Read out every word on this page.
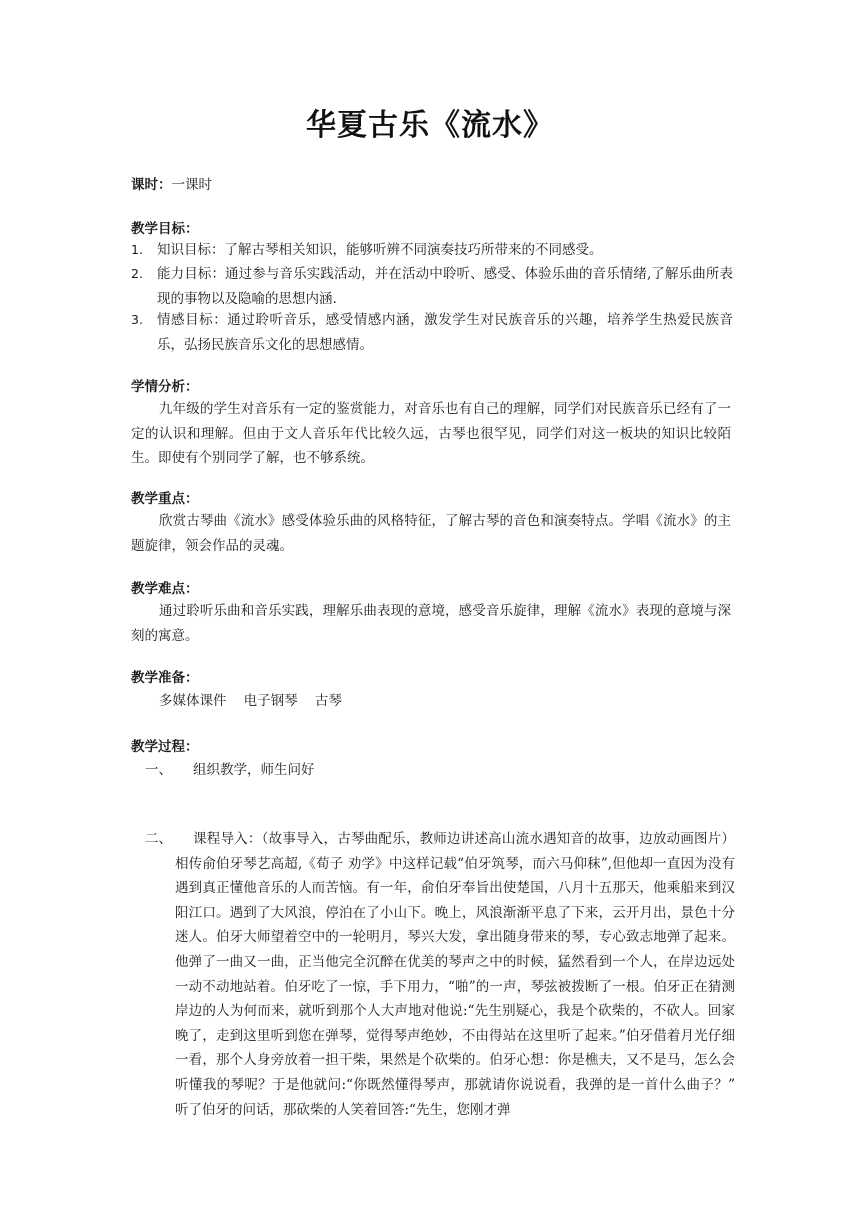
华夏古乐《流水》
课时：一课时
教学目标：
1. 知识目标：了解古琴相关知识，能够听辨不同演奏技巧所带来的不同感受。
2. 能力目标：通过参与音乐实践活动，并在活动中聆听、感受、体验乐曲的音乐情绪,了解乐曲所表现的事物以及隐喻的思想内涵.
3. 情感目标：通过聆听音乐，感受情感内涵，激发学生对民族音乐的兴趣，培养学生热爱民族音乐，弘扬民族音乐文化的思想感情。
学情分析：
九年级的学生对音乐有一定的鉴赏能力，对音乐也有自己的理解，同学们对民族音乐已经有了一定的认识和理解。但由于文人音乐年代比较久远，古琴也很罕见，同学们对这一板块的知识比较陌生。即使有个别同学了解，也不够系统。
教学重点：
欣赏古琴曲《流水》感受体验乐曲的风格特征，了解古琴的音色和演奏特点。学唱《流水》的主题旋律，领会作品的灵魂。
教学难点：
通过聆听乐曲和音乐实践，理解乐曲表现的意境，感受音乐旋律，理解《流水》表现的意境与深刻的寓意。
教学准备：
多媒体课件    电子钢琴    古琴
教学过程：
一、 组织教学，师生问好
二、	课程导入：（故事导入，古琴曲配乐，教师边讲述高山流水遇知音的故事，边放动画图片）相传俞伯牙琴艺高超,《荀子 劝学》中这样记载“伯牙筑琴，而六马仰秣”,但他却一直因为没有遇到真正懂他音乐的人而苦恼。有一年，俞伯牙奉旨出使楚国，八月十五那天，他乘船来到汉阳江口。遇到了大风浪，停泊在了小山下。晚上，风浪渐渐平息了下来，云开月出，景色十分迷人。伯牙大师望着空中的一轮明月，琴兴大发，拿出随身带来的琴，专心致志地弹了起来。他弹了一曲又一曲，正当他完全沉醉在优美的琴声之中的时候，猛然看到一个人，在岸边远处一动不动地站着。伯牙吃了一惊，手下用力，“啪”的一声，琴弦被拨断了一根。伯牙正在猜测岸边的人为何而来，就听到那个人大声地对他说:“先生别疑心，我是个砍柴的，不砍人。回家晚了，走到这里听到您在弹琴，觉得琴声绝妙，不由得站在这里听了起来。”伯牙借着月光仔细一看，那个人身旁放着一担干柴，果然是个砍柴的。伯牙心想：你是樵夫，又不是马，怎么会听懂我的琴呢？于是他就问:“你既然懂得琴声，那就请你说说看，我弹的是一首什么曲子？” 听了伯牙的问话，那砍柴的人笑着回答:“先生，您刚才弹
